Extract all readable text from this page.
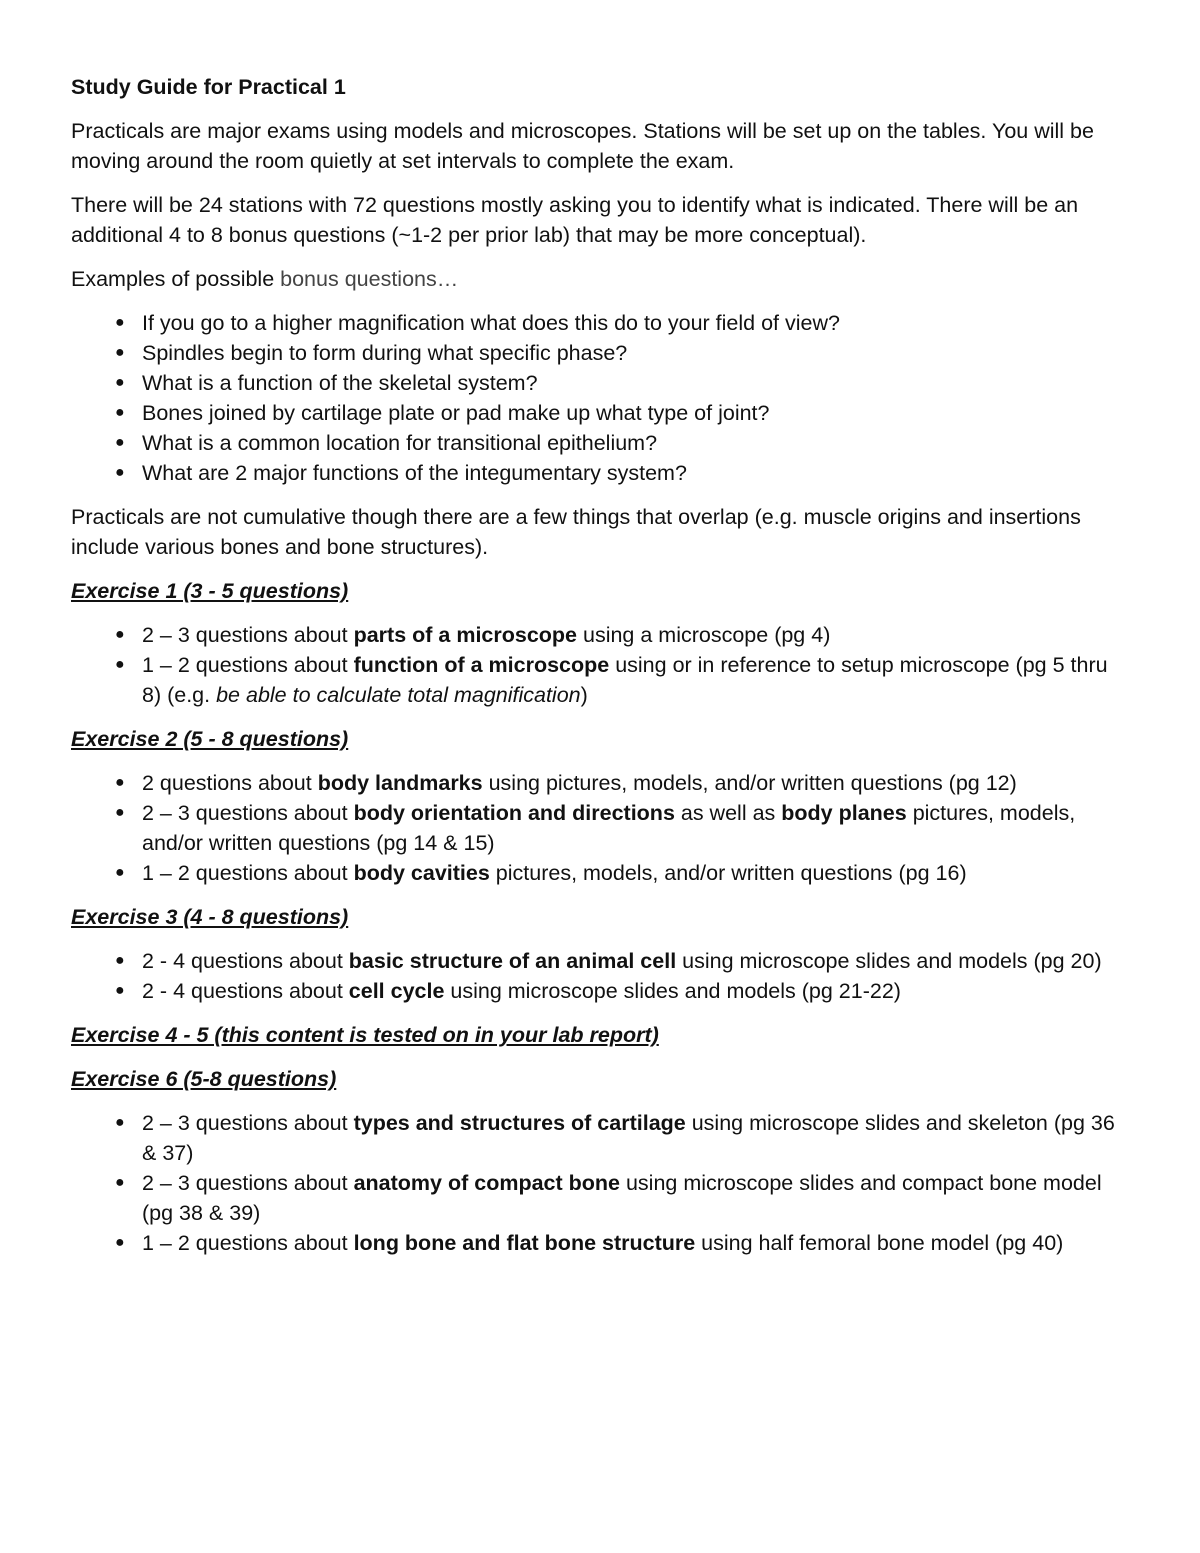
Study Guide for Practical 1

Practicals are major exams using models and microscopes. Stations will be set up on the tables. You will be moving around the room quietly at set intervals to complete the exam.

There will be 24 stations with 72 questions mostly asking you to identify what is indicated. There will be an additional 4 to 8 bonus questions (~1-2 per prior lab) that may be more conceptual).

Examples of possible bonus questions…

● If you go to a higher magnification what does this do to your field of view?
● Spindles begin to form during what specific phase?
● What is a function of the skeletal system?
● Bones joined by cartilage plate or pad make up what type of joint?
● What is a common location for transitional epithelium?
● What are 2 major functions of the integumentary system?

Practicals are not cumulative though there are a few things that overlap (e.g. muscle origins and insertions include various bones and bone structures).

Exercise 1 (3 - 5 questions)

● 2 – 3 questions about parts of a microscope using a microscope (pg 4)
● 1 – 2 questions about function of a microscope using or in reference to setup microscope (pg 5 thru 8) (e.g. be able to calculate total magnification)

Exercise 2 (5 - 8 questions)

● 2 questions about body landmarks using pictures, models, and/or written questions (pg 12)
● 2 – 3 questions about body orientation and directions as well as body planes pictures, models, and/or written questions (pg 14 & 15)
● 1 – 2 questions about body cavities pictures, models, and/or written questions (pg 16)

Exercise 3 (4 - 8 questions)

● 2 - 4 questions about basic structure of an animal cell using microscope slides and models (pg 20)
● 2 - 4 questions about cell cycle using microscope slides and models (pg 21-22)

Exercise 4 - 5 (this content is tested on in your lab report)

Exercise 6 (5-8 questions)

● 2 – 3 questions about types and structures of cartilage using microscope slides and skeleton (pg 36 & 37)
● 2 – 3 questions about anatomy of compact bone using microscope slides and compact bone model (pg 38 & 39)
● 1 – 2 questions about long bone and flat bone structure using half femoral bone model (pg 40)
